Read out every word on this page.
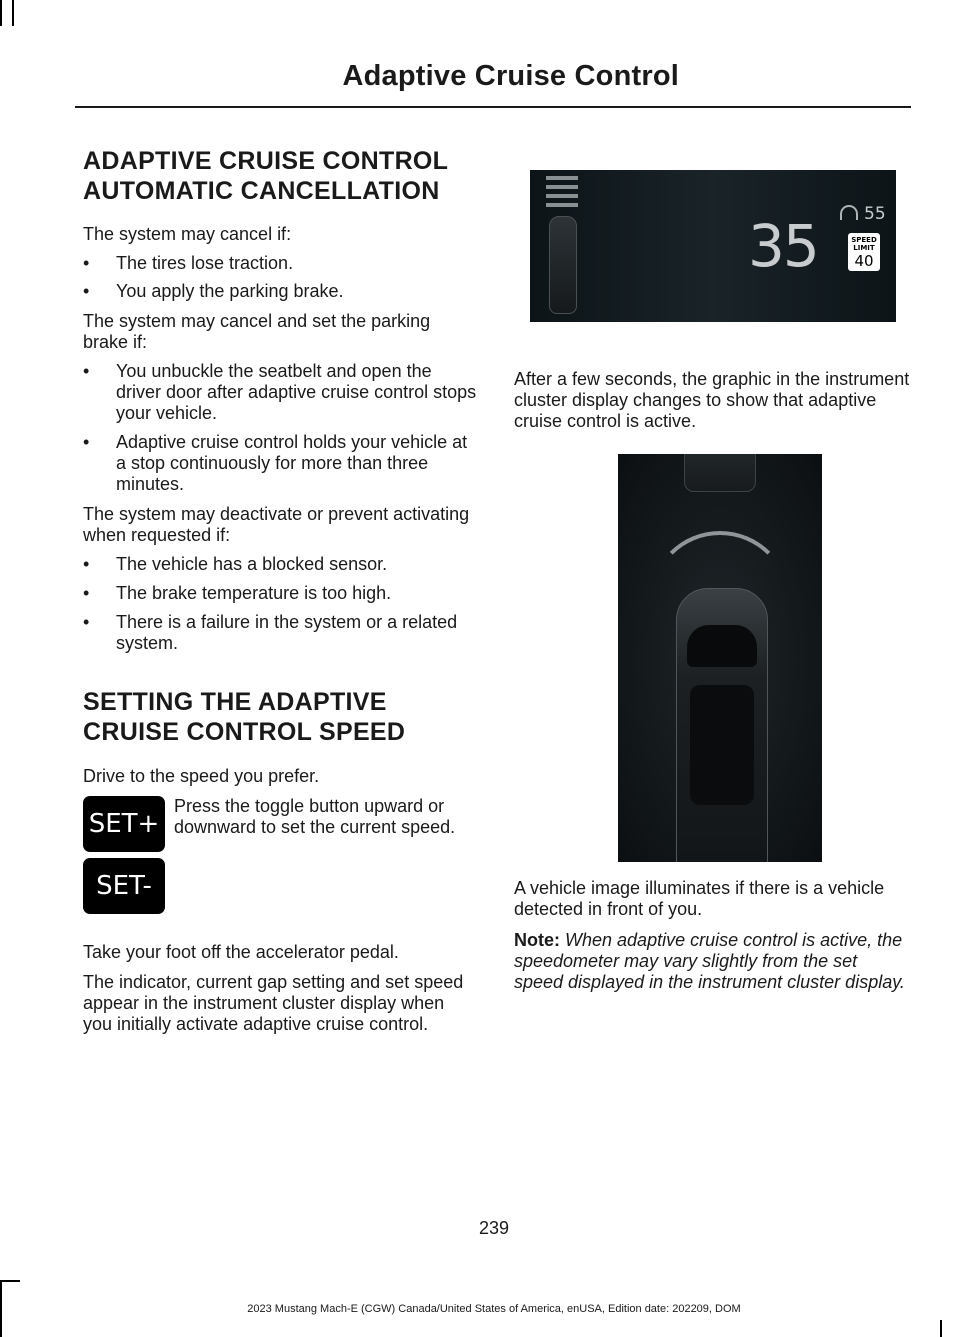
Adaptive Cruise Control
ADAPTIVE CRUISE CONTROL
AUTOMATIC CANCELLATION

The system may cancel if:

• The tires lose traction.
• You apply the parking brake.

The system may cancel and set the parking brake if:

• You unbuckle the seatbelt and open the driver door after adaptive cruise control stops your vehicle.
• Adaptive cruise control holds your vehicle at a stop continuously for more than three minutes.

The system may deactivate or prevent activating when requested if:

• The vehicle has a blocked sensor.
• The brake temperature is too high.
• There is a failure in the system or a related system.
SETTING THE ADAPTIVE
CRUISE CONTROL SPEED

Drive to the speed you prefer.

SET+
SET-
Press the toggle button upward or downward to set the current speed.

Take your foot off the accelerator pedal.

The indicator, current gap setting and set speed appear in the instrument cluster display when you initially activate adaptive cruise control.

35	55
SPEED
LIMIT
40

After a few seconds, the graphic in the instrument cluster display changes to show that adaptive cruise control is active.

A vehicle image illuminates if there is a vehicle detected in front of you.

Note: When adaptive cruise control is active, the speedometer may vary slightly from the set speed displayed in the instrument cluster display.

239
2023 Mustang Mach-E (CGW) Canada/United States of America, enUSA, Edition date: 202209, DOM
